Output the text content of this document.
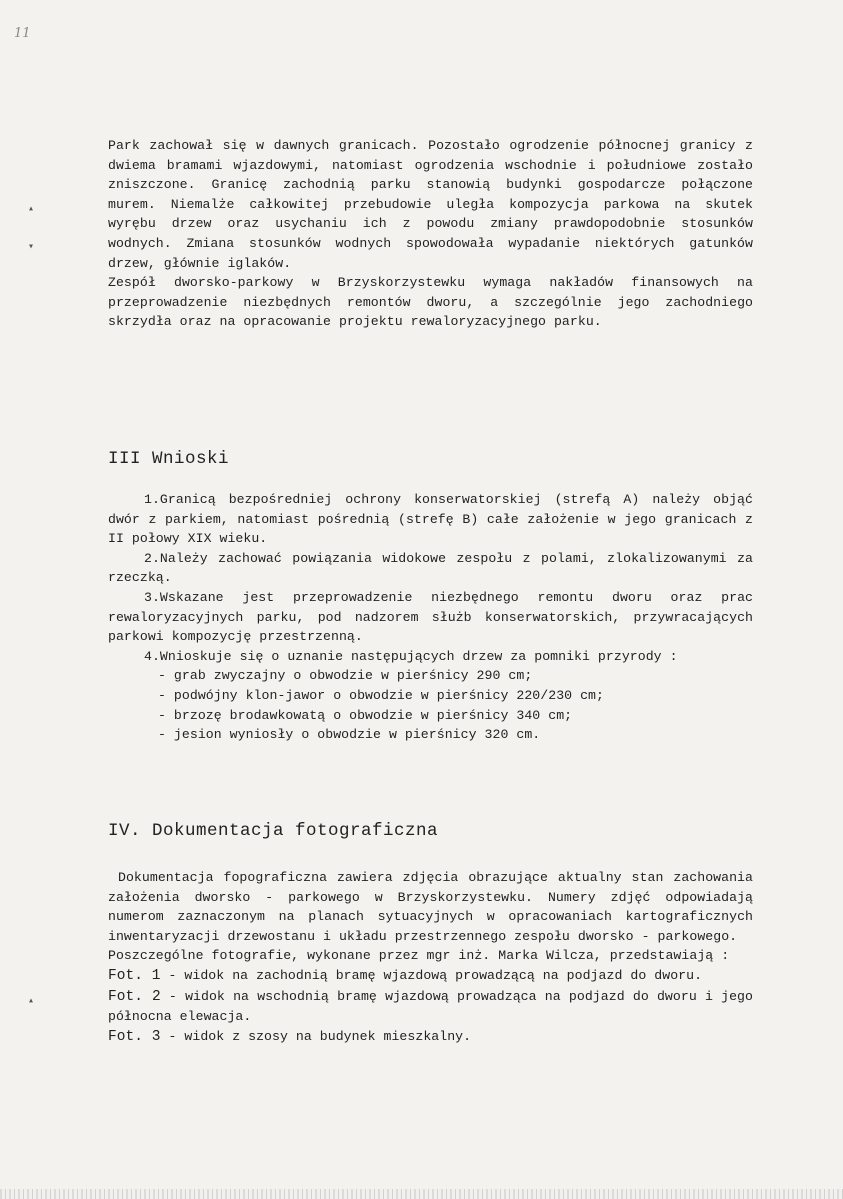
11
▴
▾
▴

Park zachował się w dawnych granicach. Pozostało ogrodzenie północnej granicy z dwiema bramami wjazdowymi, natomiast ogrodzenia wschodnie i południowe zostało zniszczone. Granicę zachodnią parku stanowią budynki gospodarcze połączone murem. Niemalże całkowitej przebudowie uległa kompozycja parkowa na skutek wyrębu drzew oraz usychaniu ich z powodu zmiany prawdopodobnie stosunków wodnych. Zmiana stosunków wodnych spowodowała wypadanie niektórych gatunków drzew, głównie iglaków.

Zespół dworsko-parkowy w Brzyskorzystewku wymaga nakładów finansowych na przeprowadzenie niezbędnych remontów dworu, a szczególnie jego zachodniego skrzydła oraz na opracowanie projektu rewaloryzacyjnego parku.

III Wnioski

1.Granicą bezpośredniej ochrony konserwatorskiej (strefą A) należy objąć dwór z parkiem, natomiast pośrednią (strefę B) całe założenie w jego granicach z II połowy XIX wieku.

2.Należy zachować powiązania widokowe zespołu z polami, zlokalizowanymi za rzeczką.

3.Wskazane jest przeprowadzenie niezbędnego remontu dworu oraz prac rewaloryzacyjnych parku, pod nadzorem służb konserwatorskich, przywracających parkowi kompozycję przestrzenną.

4.Wnioskuje się o uznanie następujących drzew za pomniki przyrody :

- grab zwyczajny o obwodzie w pierśnicy 290 cm;
- podwójny klon-jawor o obwodzie w pierśnicy 220/230 cm;
- brzozę brodawkowatą o obwodzie w pierśnicy 340 cm;
- jesion wyniosły o obwodzie w pierśnicy 320 cm.
IV. Dokumentacja fotograficzna

Dokumentacja fopograficzna zawiera zdjęcia obrazujące aktualny stan zachowania założenia dworsko - parkowego w Brzyskorzystewku. Numery zdjęć odpowiadają numerom zaznaczonym na planach sytuacyjnych w opracowaniach kartograficznych inwentaryzacji drzewostanu i układu przestrzennego zespołu dworsko - parkowego.

Poszczególne fotografie, wykonane przez mgr inż. Marka Wilcza, przedstawiają :

Fot. 1 - widok na zachodnią bramę wjazdową prowadzącą na podjazd do dworu.

Fot. 2 - widok na wschodnią bramę wjazdową prowadząca na podjazd do dworu i jego północna elewacja.

Fot. 3 - widok z szosy na budynek mieszkalny.
